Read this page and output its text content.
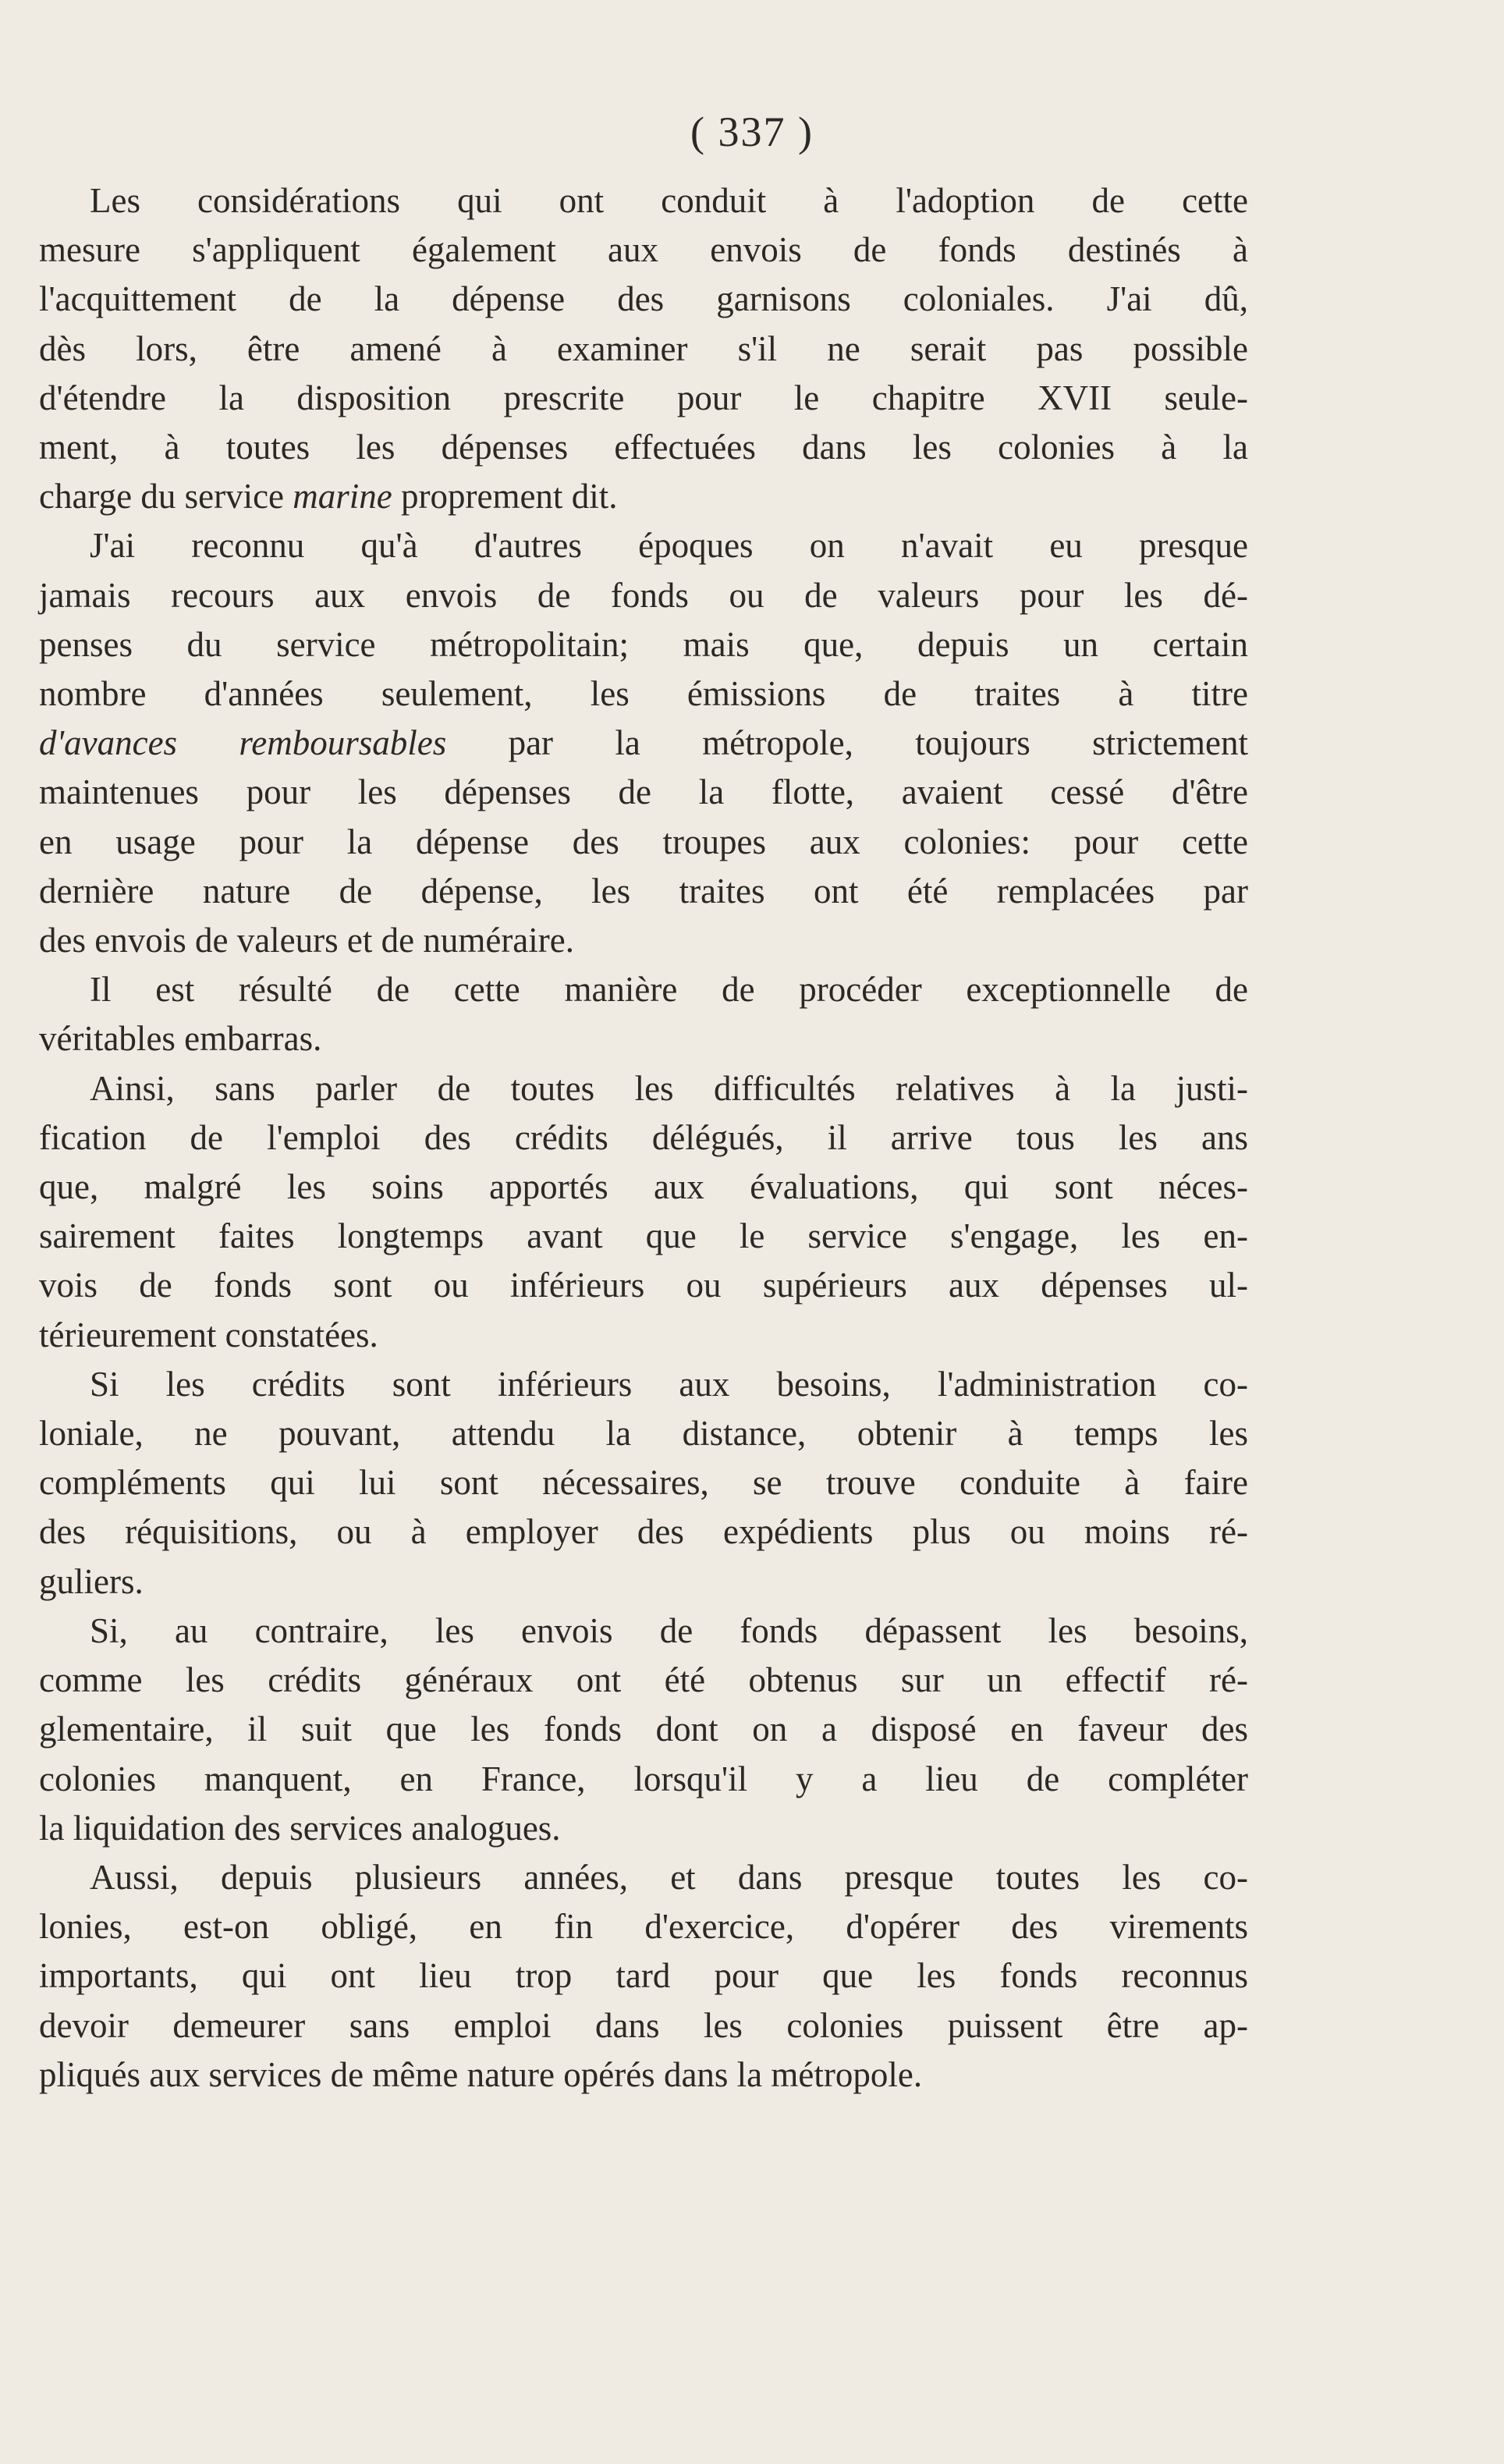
( 337 )

Les considérations qui ont conduit à l'adoption de cette
mesure s'appliquent également aux envois de fonds destinés à
l'acquittement de la dépense des garnisons coloniales. J'ai dû,
dès lors, être amené à examiner s'il ne serait pas possible
d'étendre la disposition prescrite pour le chapitre XVII seule-
ment, à toutes les dépenses effectuées dans les colonies à la
charge du service marine proprement dit.

J'ai reconnu qu'à d'autres époques on n'avait eu presque
jamais recours aux envois de fonds ou de valeurs pour les dé-
penses du service métropolitain; mais que, depuis un certain
nombre d'années seulement, les émissions de traites à titre
d'avances remboursables par la métropole, toujours strictement
maintenues pour les dépenses de la flotte, avaient cessé d'être
en usage pour la dépense des troupes aux colonies: pour cette
dernière nature de dépense, les traites ont été remplacées par
des envois de valeurs et de numéraire.

Il est résulté de cette manière de procéder exceptionnelle de
véritables embarras.

Ainsi, sans parler de toutes les difficultés relatives à la justi-
fication de l'emploi des crédits délégués, il arrive tous les ans
que, malgré les soins apportés aux évaluations, qui sont néces-
sairement faites longtemps avant que le service s'engage, les en-
vois de fonds sont ou inférieurs ou supérieurs aux dépenses ul-
térieurement constatées.

Si les crédits sont inférieurs aux besoins, l'administration co-
loniale, ne pouvant, attendu la distance, obtenir à temps les
compléments qui lui sont nécessaires, se trouve conduite à faire
des réquisitions, ou à employer des expédients plus ou moins ré-
guliers.

Si, au contraire, les envois de fonds dépassent les besoins,
comme les crédits généraux ont été obtenus sur un effectif ré-
glementaire, il suit que les fonds dont on a disposé en faveur des
colonies manquent, en France, lorsqu'il y a lieu de compléter
la liquidation des services analogues.

Aussi, depuis plusieurs années, et dans presque toutes les co-
lonies, est-on obligé, en fin d'exercice, d'opérer des virements
importants, qui ont lieu trop tard pour que les fonds reconnus
devoir demeurer sans emploi dans les colonies puissent être ap-
pliqués aux services de même nature opérés dans la métropole.
